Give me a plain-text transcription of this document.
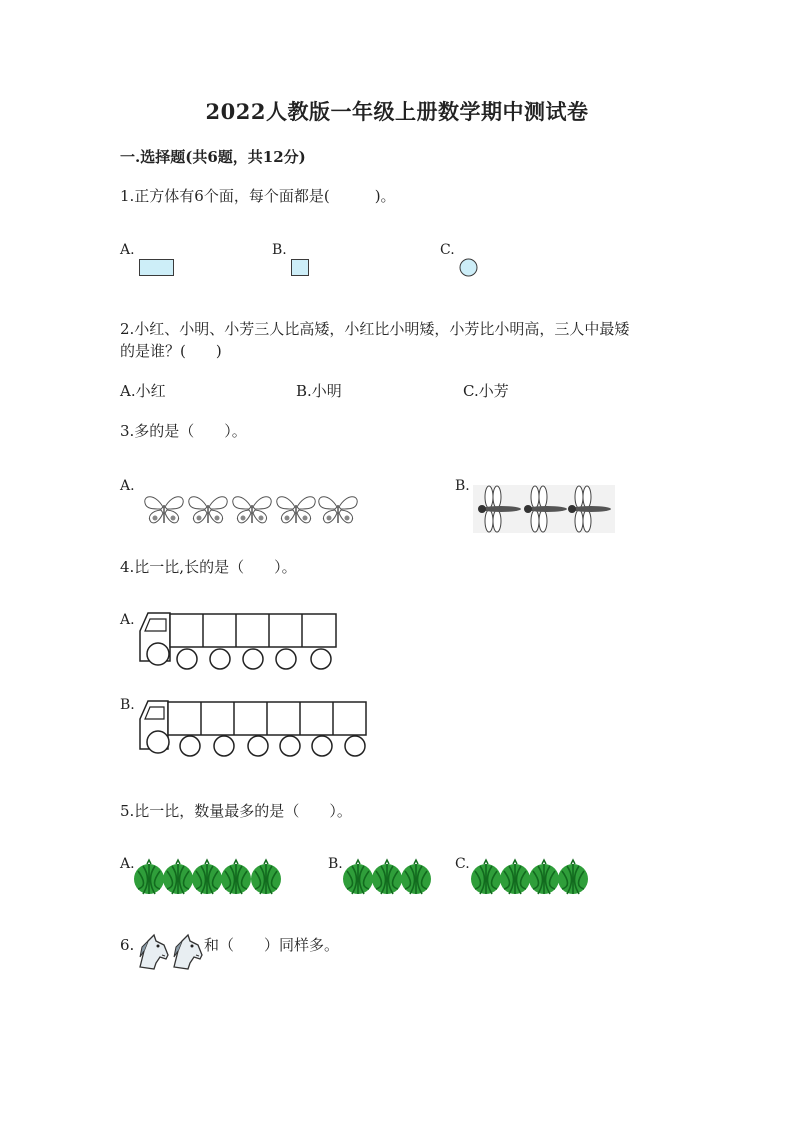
2022人教版一年级上册数学期中测试卷
一.选择题(共6题，共12分)
1.正方体有6个面，每个面都是(　　　)。
A.	B.	C.
2.小红、小明、小芳三人比高矮，小红比小明矮，小芳比小明高，三人中最矮
的是谁？(　　)
A.小红	B.小明	C.小芳
3.多的是（　　）。
A.	B.
4.比一比,长的是（　　）。
A.
B.
5.比一比，数量最多的是（　　）。
A.	B.	C.
6.	和（　　）同样多。
